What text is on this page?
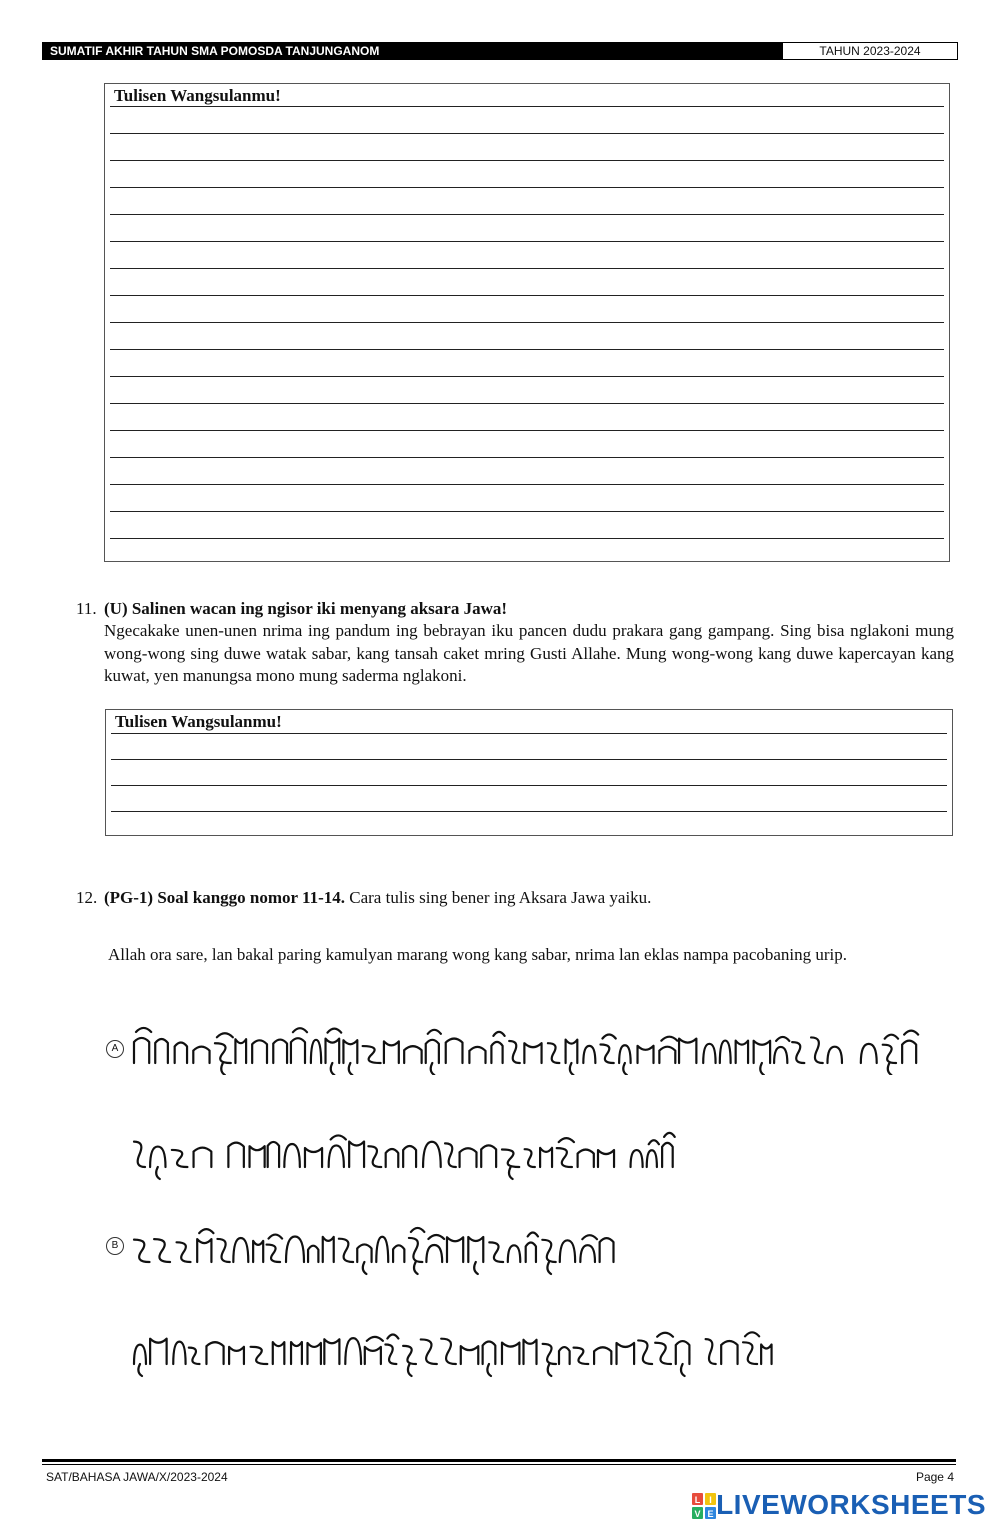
SUMATIF AKHIR TAHUN SMA POMOSDA TANJUNGANOM	TAHUN 2023-2024
Tulisen Wangsulanmu!
11. (U) Salinen wacan ing ngisor iki menyang aksara Jawa!
Ngecakake unen-unen nrima ing pandum ing bebrayan iku pancen dudu prakara gang gampang. Sing bisa nglakoni mung wong-wong sing duwe watak sabar, kang tansah caket mring Gusti Allahe. Mung wong-wong kang duwe kapercayan kang kuwat, yen manungsa mono mung saderma nglakoni.
Tulisen Wangsulanmu!
12. (PG-1) Soal kanggo nomor 11-14. Cara tulis sing bener ing Aksara Jawa yaiku.
Allah ora sare, lan bakal paring kamulyan marang wong kang sabar, nrima lan eklas nampa pacobaning urip.
A
B
SAT/BAHASA JAWA/X/2023-2024	Page 4
L I
V E LIVEWORKSHEETS
